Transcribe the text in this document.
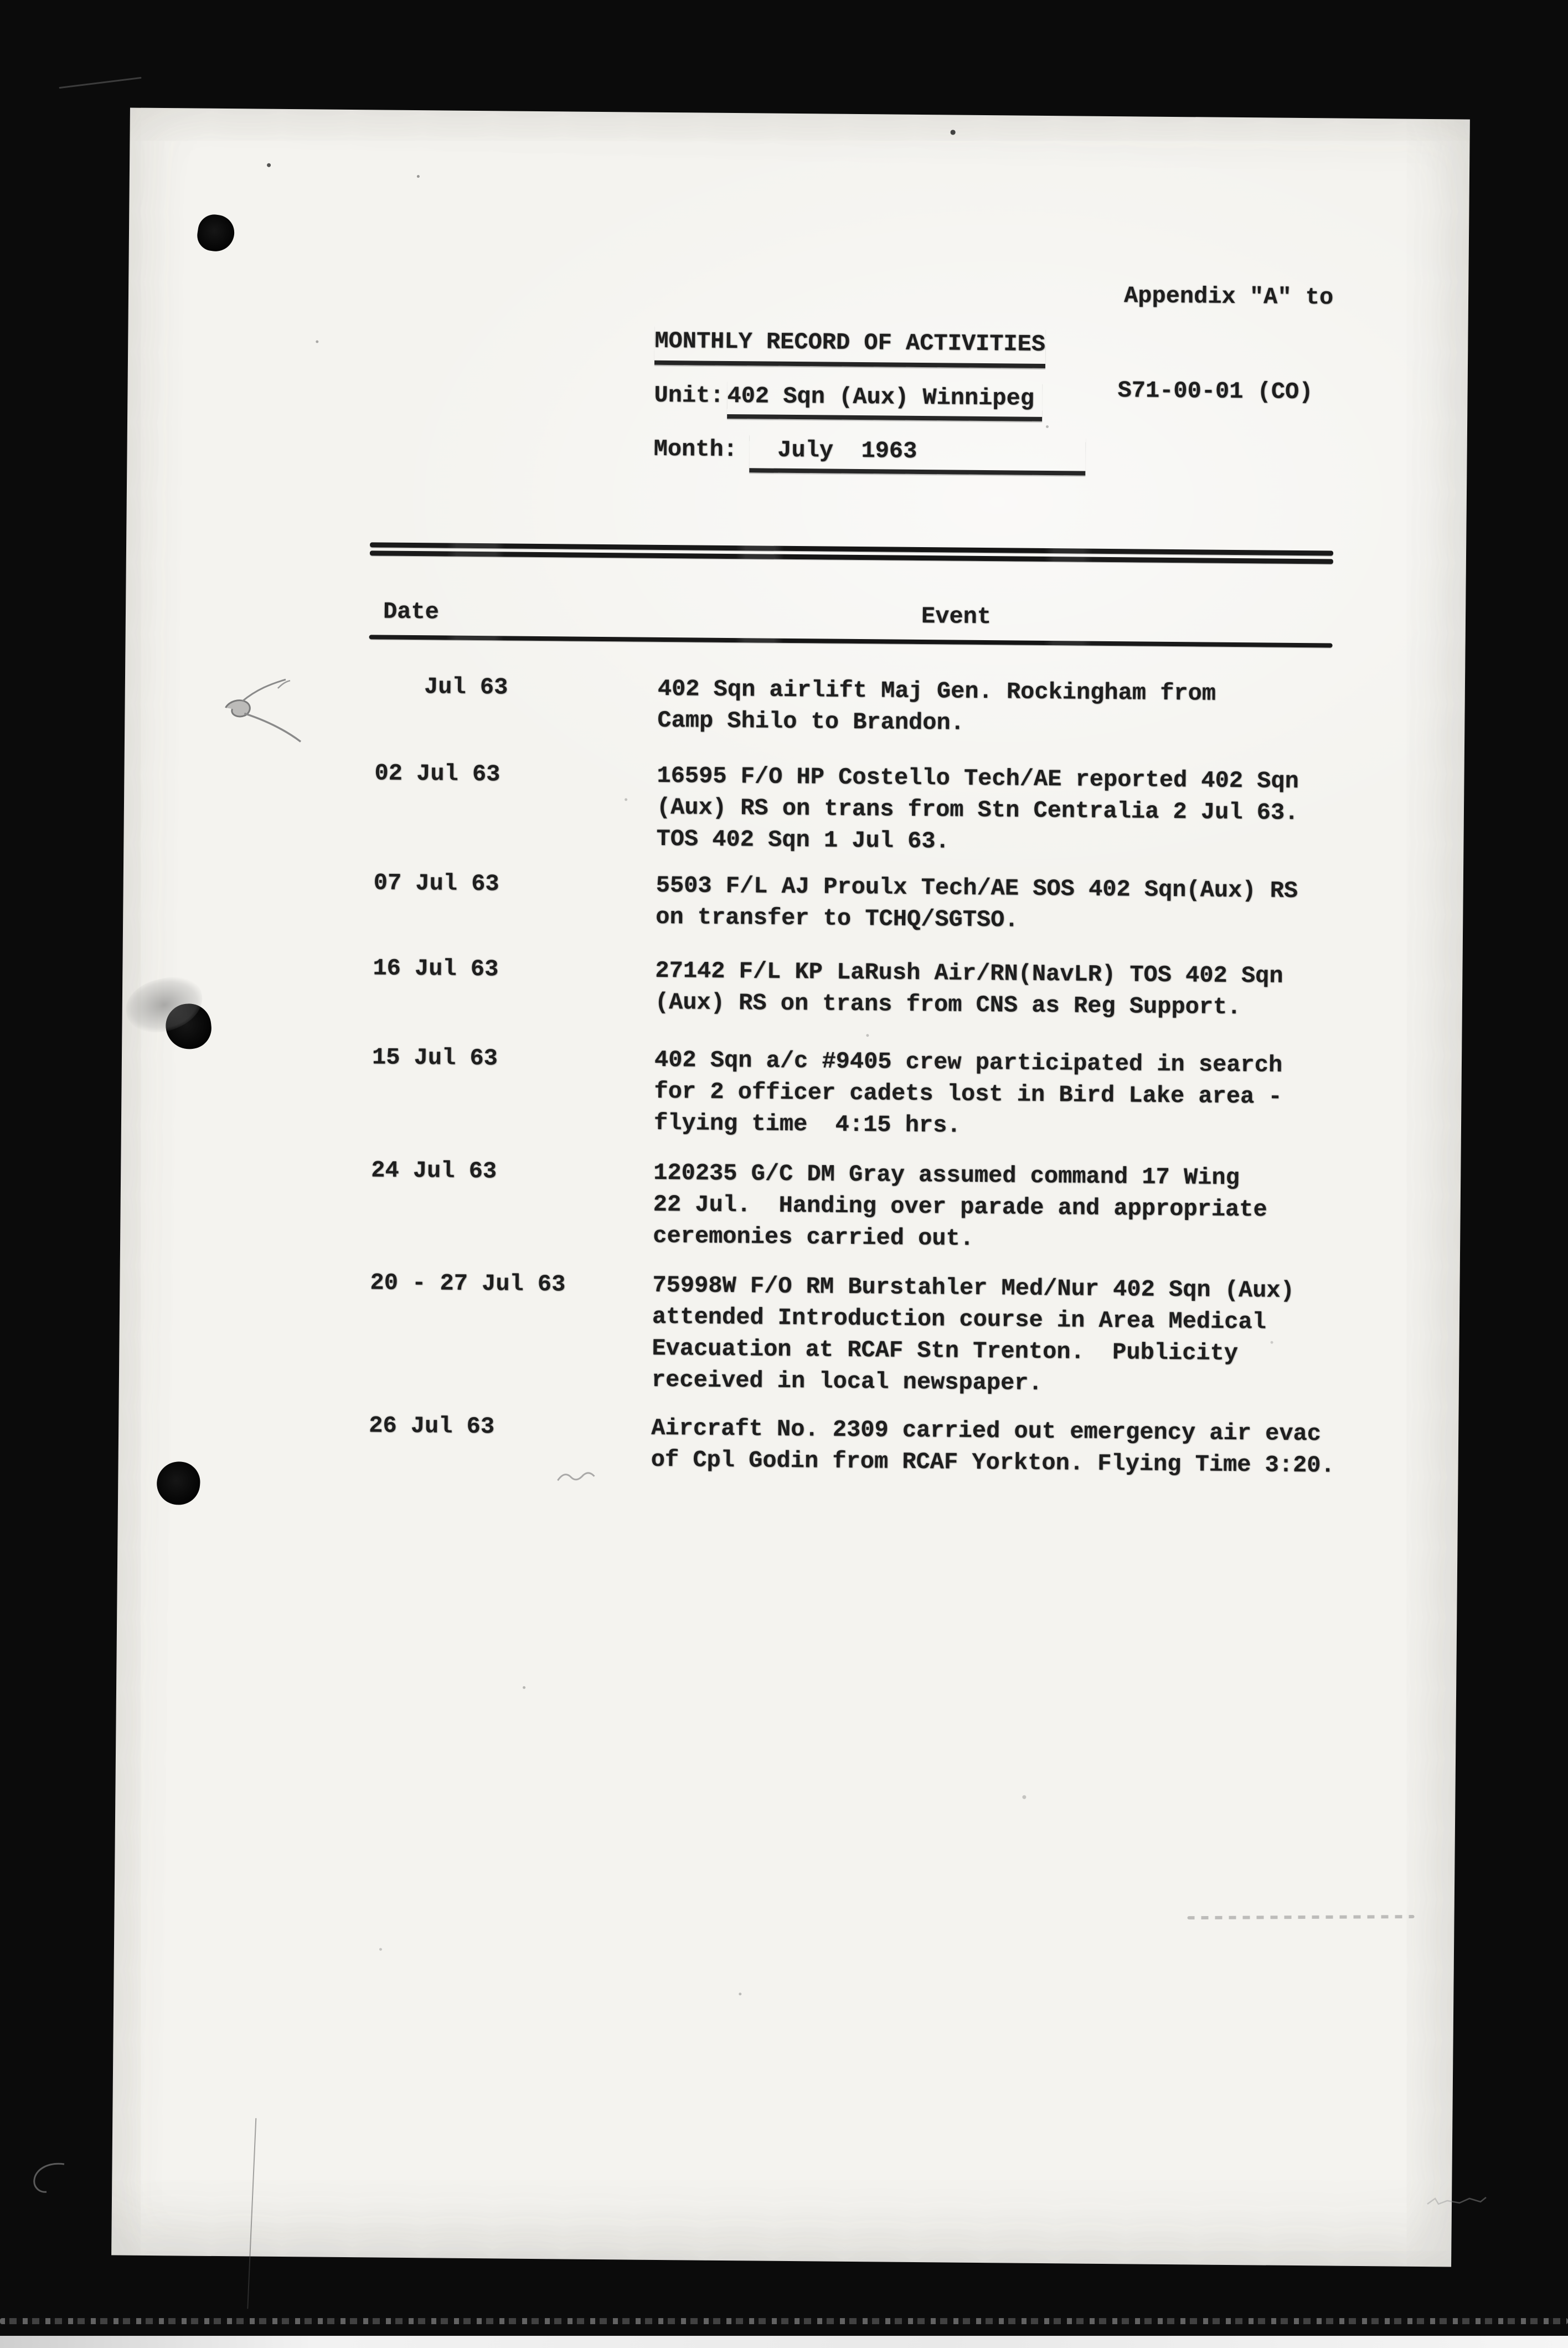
Appendix "A" to

S71-00-01 (CO)

MONTHLY RECORD OF ACTIVITIES
Unit: 402 Sqn (Aux) Winnipeg
Month: July  1963
Date	Event
Jul 63	402 Sqn airlift Maj Gen. Rockingham from
Camp Shilo to Brandon.
02 Jul 63	16595 F/O HP Costello Tech/AE reported 402 Sqn
(Aux) RS on trans from Stn Centralia 2 Jul 63.
TOS 402 Sqn 1 Jul 63.
07 Jul 63	5503 F/L AJ Proulx Tech/AE SOS 402 Sqn(Aux) RS
on transfer to TCHQ/SGTSO.
16 Jul 63	27142 F/L KP LaRush Air/RN(NavLR) TOS 402 Sqn
(Aux) RS on trans from CNS as Reg Support.
15 Jul 63	402 Sqn a/c #9405 crew participated in search
for 2 officer cadets lost in Bird Lake area -
flying time  4:15 hrs.
24 Jul 63	120235 G/C DM Gray assumed command 17 Wing
22 Jul.  Handing over parade and appropriate
ceremonies carried out.
20 - 27 Jul 63	75998W F/O RM Burstahler Med/Nur 402 Sqn (Aux)
attended Introduction course in Area Medical
Evacuation at RCAF Stn Trenton.  Publicity
received in local newspaper.
26 Jul 63	Aircraft No. 2309 carried out emergency air evac
of Cpl Godin from RCAF Yorkton. Flying Time 3:20.
